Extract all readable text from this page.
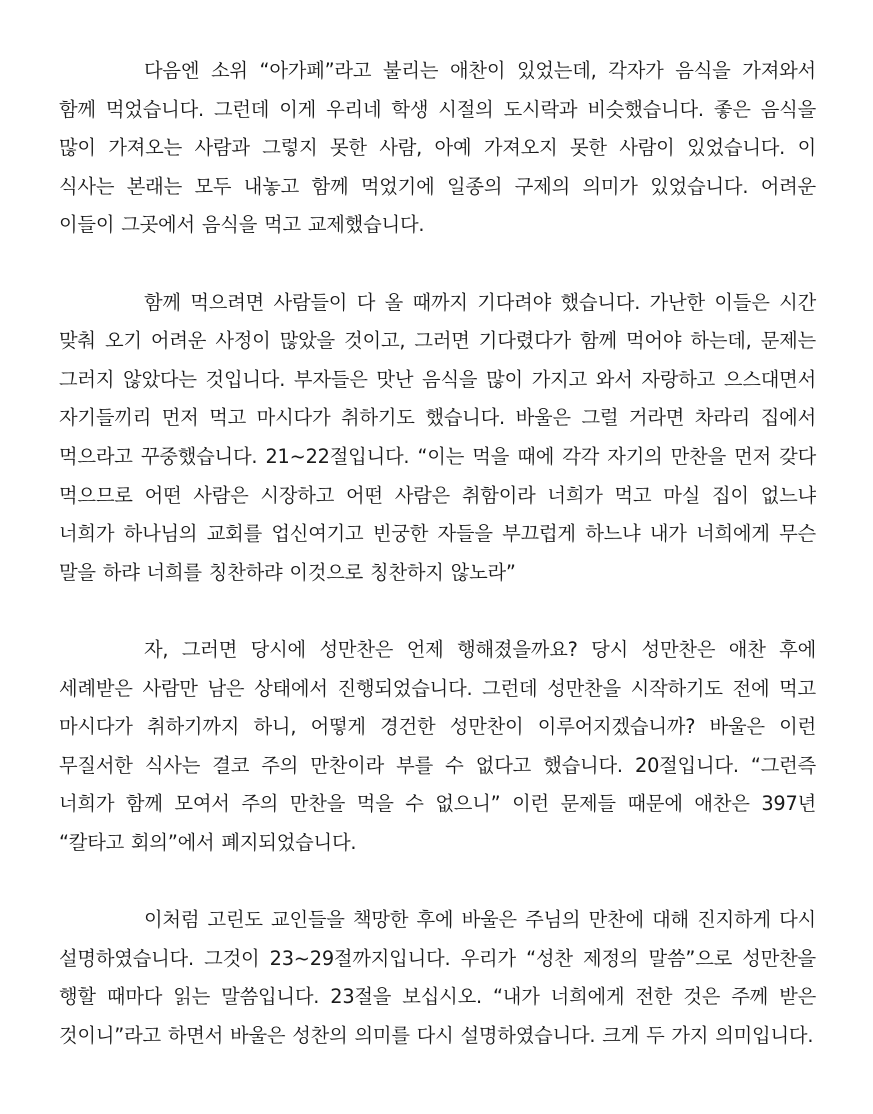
다음엔 소위 “아가페”라고 불리는 애찬이 있었는데, 각자가 음식을 가져와서 함께 먹었습니다. 그런데 이게 우리네 학생 시절의 도시락과 비슷했습니다. 좋은 음식을 많이 가져오는 사람과 그렇지 못한 사람, 아예 가져오지 못한 사람이 있었습니다. 이 식사는 본래는 모두 내놓고 함께 먹었기에 일종의 구제의 의미가 있었습니다. 어려운 이들이 그곳에서 음식을 먹고 교제했습니다.

함께 먹으려면 사람들이 다 올 때까지 기다려야 했습니다. 가난한 이들은 시간 맞춰 오기 어려운 사정이 많았을 것이고, 그러면 기다렸다가 함께 먹어야 하는데, 문제는 그러지 않았다는 것입니다. 부자들은 맛난 음식을 많이 가지고 와서 자랑하고 으스대면서 자기들끼리 먼저 먹고 마시다가 취하기도 했습니다. 바울은 그럴 거라면 차라리 집에서 먹으라고 꾸중했습니다. 21~22절입니다. “이는 먹을 때에 각각 자기의 만찬을 먼저 갖다 먹으므로 어떤 사람은 시장하고 어떤 사람은 취함이라 너희가 먹고 마실 집이 없느냐 너희가 하나님의 교회를 업신여기고 빈궁한 자들을 부끄럽게 하느냐 내가 너희에게 무슨 말을 하랴 너희를 칭찬하랴 이것으로 칭찬하지 않노라”

자, 그러면 당시에 성만찬은 언제 행해졌을까요? 당시 성만찬은 애찬 후에 세례받은 사람만 남은 상태에서 진행되었습니다. 그런데 성만찬을 시작하기도 전에 먹고 마시다가 취하기까지 하니, 어떻게 경건한 성만찬이 이루어지겠습니까? 바울은 이런 무질서한 식사는 결코 주의 만찬이라 부를 수 없다고 했습니다. 20절입니다. “그런즉 너희가 함께 모여서 주의 만찬을 먹을 수 없으니” 이런 문제들 때문에 애찬은 397년 “칼타고 회의”에서 폐지되었습니다.

이처럼 고린도 교인들을 책망한 후에 바울은 주님의 만찬에 대해 진지하게 다시 설명하였습니다. 그것이 23~29절까지입니다. 우리가 “성찬 제정의 말씀”으로 성만찬을 행할 때마다 읽는 말씀입니다. 23절을 보십시오. “내가 너희에게 전한 것은 주께 받은 것이니”라고 하면서 바울은 성찬의 의미를 다시 설명하였습니다. 크게 두 가지 의미입니다.
